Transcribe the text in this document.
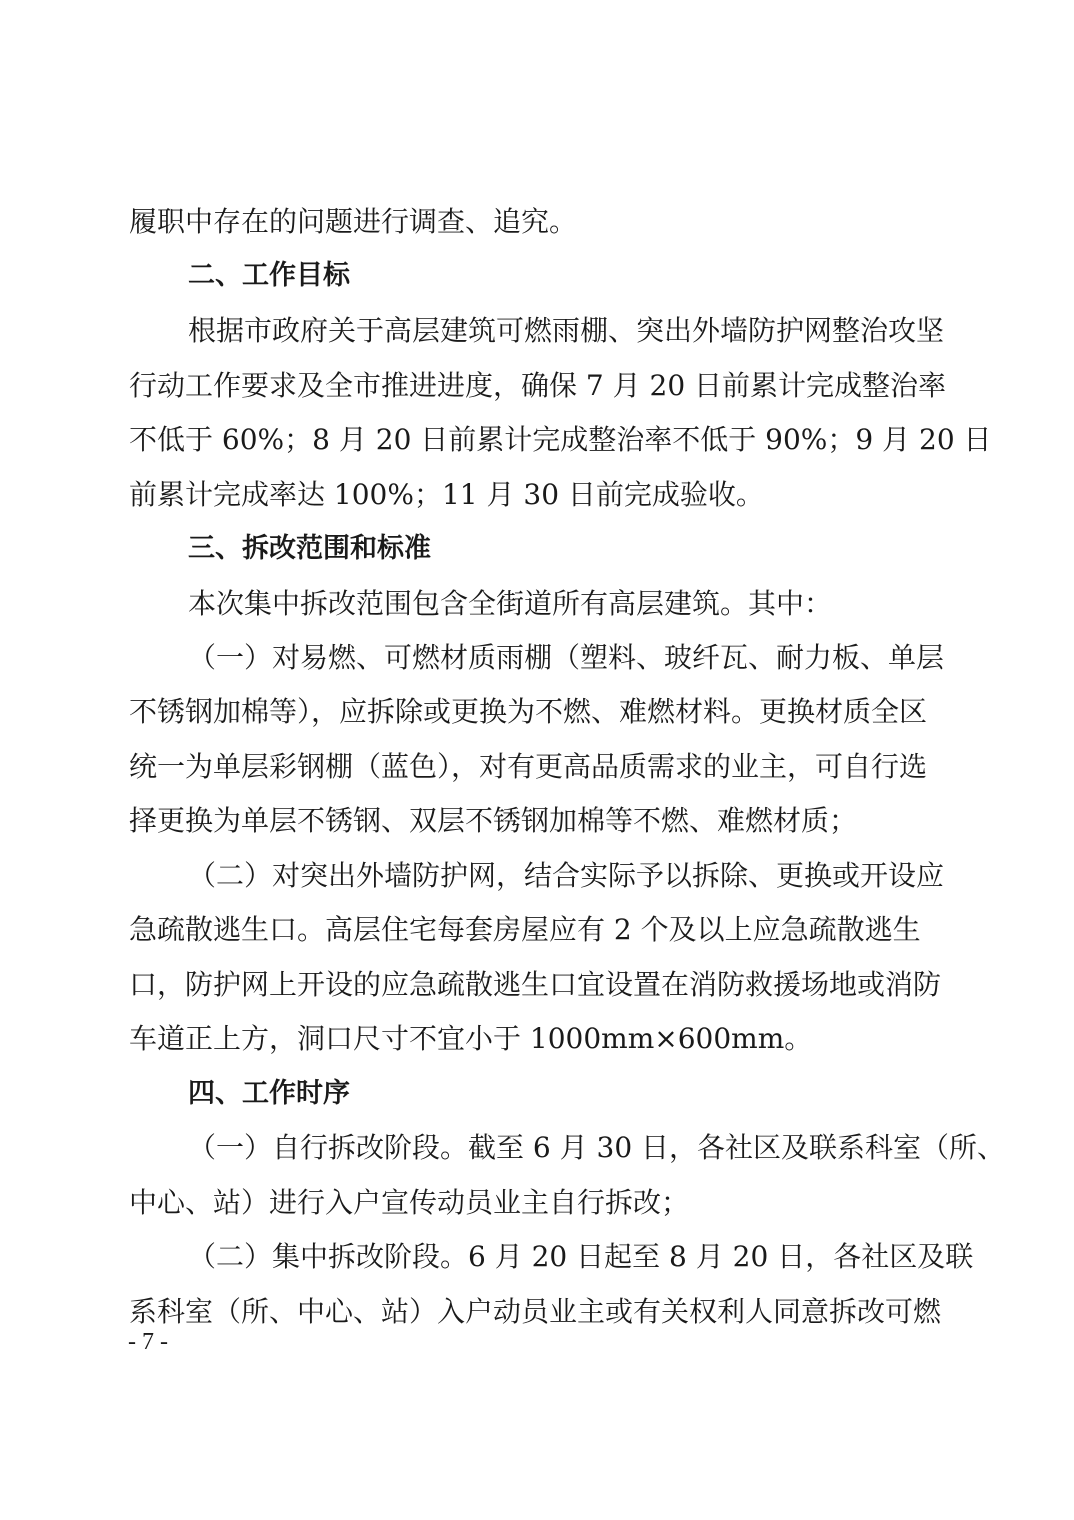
履职中存在的问题进行调查、追究。
二、工作目标
根据市政府关于高层建筑可燃雨棚、突出外墙防护网整治攻坚
行动工作要求及全市推进进度，确保 7 月 20 日前累计完成整治率
不低于 60%；8 月 20 日前累计完成整治率不低于 90%；9 月 20 日
前累计完成率达 100%；11 月 30 日前完成验收。
三、拆改范围和标准
本次集中拆改范围包含全街道所有高层建筑。其中：
（一）对易燃、可燃材质雨棚（塑料、玻纤瓦、耐力板、单层
不锈钢加棉等），应拆除或更换为不燃、难燃材料。更换材质全区
统一为单层彩钢棚（蓝色），对有更高品质需求的业主，可自行选
择更换为单层不锈钢、双层不锈钢加棉等不燃、难燃材质；
（二）对突出外墙防护网，结合实际予以拆除、更换或开设应
急疏散逃生口。高层住宅每套房屋应有 2 个及以上应急疏散逃生
口，防护网上开设的应急疏散逃生口宜设置在消防救援场地或消防
车道正上方，洞口尺寸不宜小于 1000mm×600mm。
四、工作时序
（一）自行拆改阶段。截至 6 月 30 日，各社区及联系科室（所、
中心、站）进行入户宣传动员业主自行拆改；
（二）集中拆改阶段。6 月 20 日起至 8 月 20 日，各社区及联
系科室（所、中心、站）入户动员业主或有关权利人同意拆改可燃
- 7 -
